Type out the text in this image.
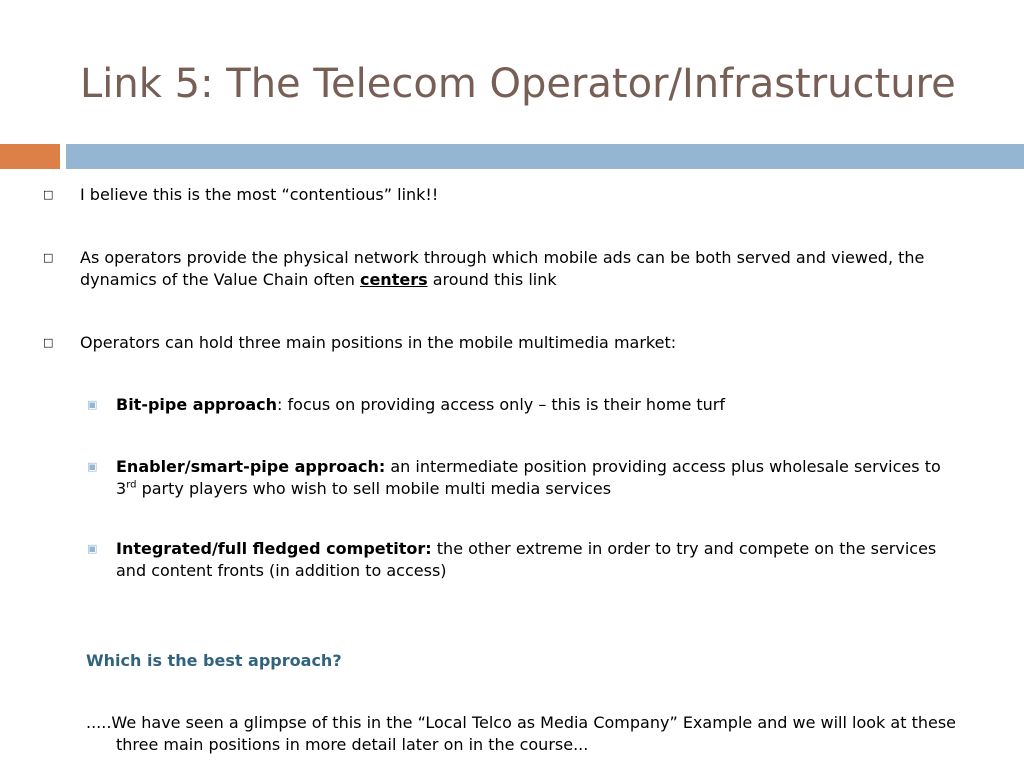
Link 5: The Telecom Operator/Infrastructure
□ I believe this is the most “contentious” link!!
□ As operators provide the physical network through which mobile ads can be both served and viewed, the dynamics of the Value Chain often centers around this link
□ Operators can hold three main positions in the mobile multimedia market:
▣ Bit-pipe approach: focus on providing access only – this is their home turf
▣ Enabler/smart-pipe approach: an intermediate position providing access plus wholesale services to 3rd party players who wish to sell mobile multi media services
▣ Integrated/full fledged competitor: the other extreme in order to try and compete on the services and content fronts (in addition to access)
Which is the best approach?
.....We have seen a glimpse of this in the “Local Telco as Media Company” Example and we will look at these three main positions in more detail later on in the course...
